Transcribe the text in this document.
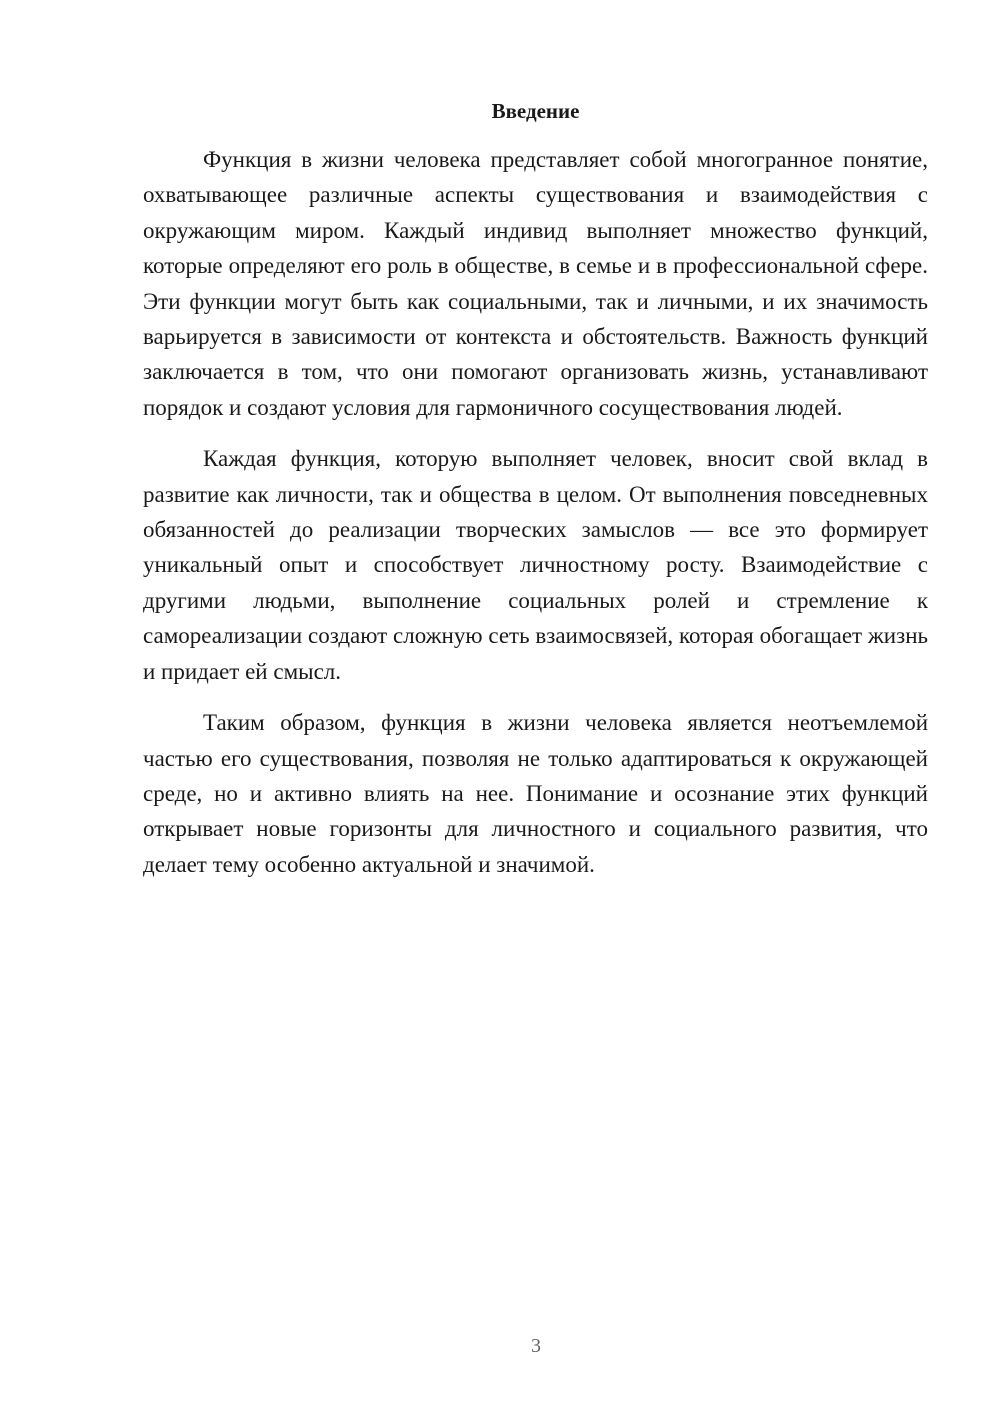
Введение

Функция в жизни человека представляет собой многогранное понятие, охватывающее различные аспекты существования и взаимодействия с окружающим миром. Каждый индивид выполняет множество функций, которые определяют его роль в обществе, в семье и в профессиональной сфере. Эти функции могут быть как социальными, так и личными, и их значимость варьируется в зависимости от контекста и обстоятельств. Важность функций заключается в том, что они помогают организовать жизнь, устанавливают порядок и создают условия для гармоничного сосуществования людей.

Каждая функция, которую выполняет человек, вносит свой вклад в развитие как личности, так и общества в целом. От выполнения повседневных обязанностей до реализации творческих замыслов — все это формирует уникальный опыт и способствует личностному росту. Взаимодействие с другими людьми, выполнение социальных ролей и стремление к самореализации создают сложную сеть взаимосвязей, которая обогащает жизнь и придает ей смысл.

Таким образом, функция в жизни человека является неотъемлемой частью его существования, позволяя не только адаптироваться к окружающей среде, но и активно влиять на нее. Понимание и осознание этих функций открывает новые горизонты для личностного и социального развития, что делает тему особенно актуальной и значимой.

3
